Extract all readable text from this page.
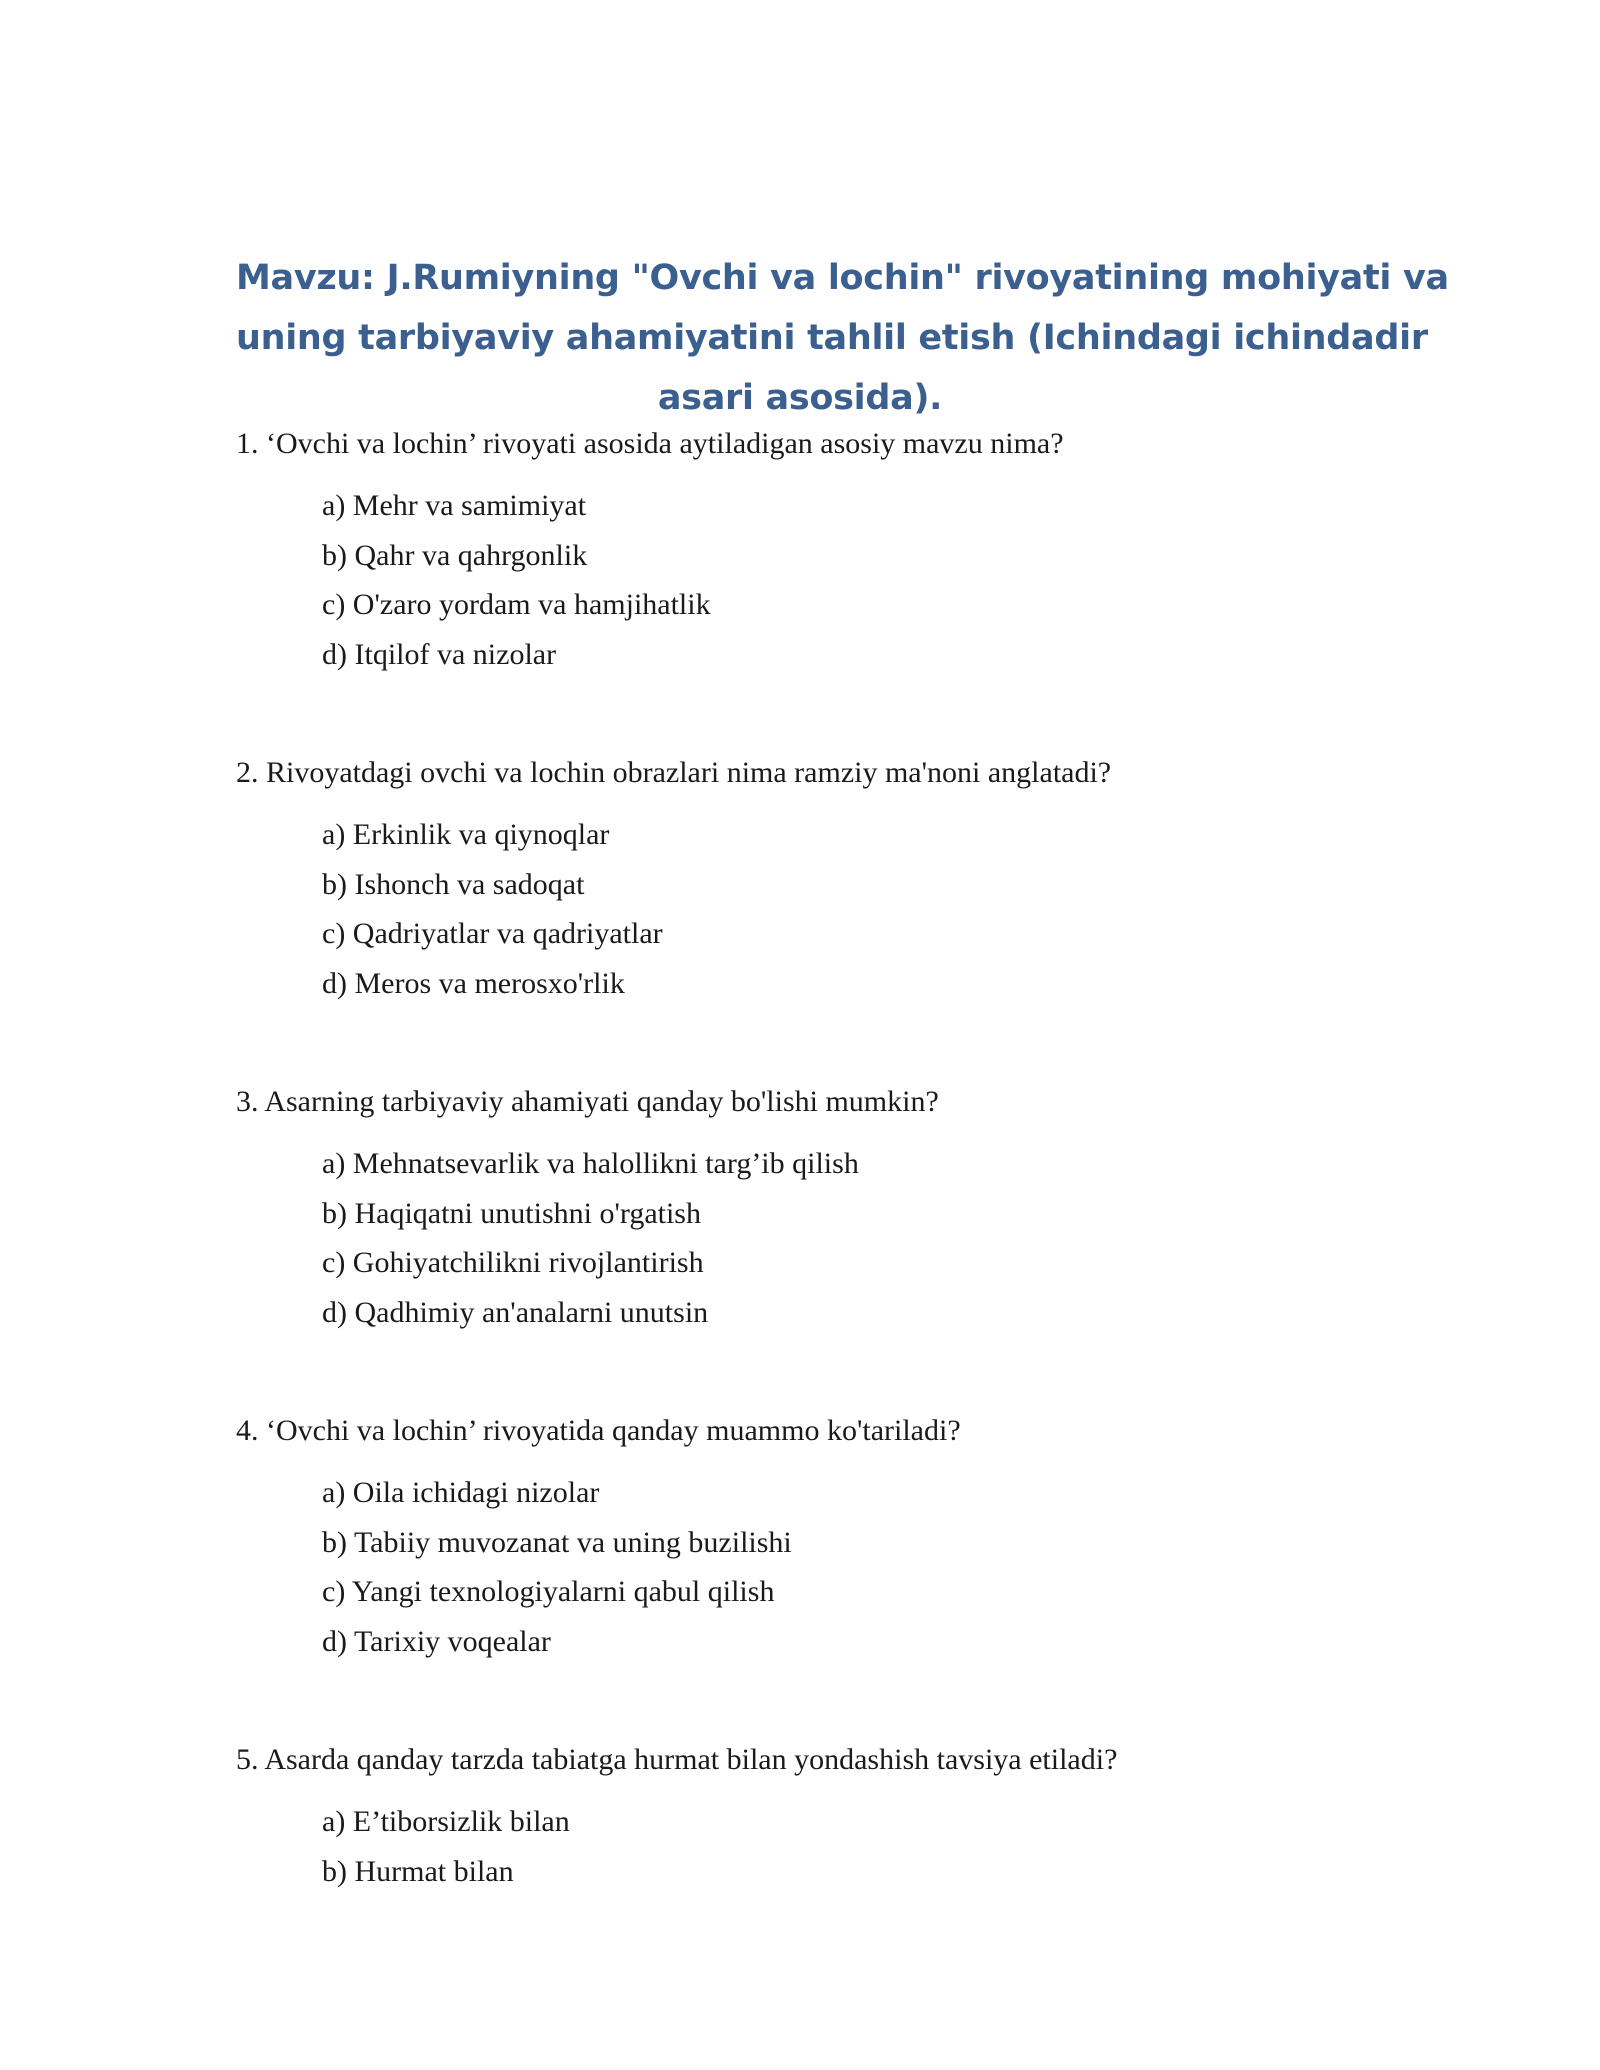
Mavzu: J.Rumiyning "Ovchi va lochin" rivoyatining mohiyati va
uning tarbiyaviy ahamiyatini tahlil etish (Ichindagi ichindadir
asari asosida).
1. ‘Ovchi va lochin’ rivoyati asosida aytiladigan asosiy mavzu nima?
a) Mehr va samimiyat
b) Qahr va qahrgonlik
c) O'zaro yordam va hamjihatlik
d) Itqilof va nizolar
2. Rivoyatdagi ovchi va lochin obrazlari nima ramziy ma'noni anglatadi?
a) Erkinlik va qiynoqlar
b) Ishonch va sadoqat
c) Qadriyatlar va qadriyatlar
d) Meros va merosxo'rlik
3. Asarning tarbiyaviy ahamiyati qanday bo'lishi mumkin?
a) Mehnatsevarlik va halollikni targ’ib qilish
b) Haqiqatni unutishni o'rgatish
c) Gohiyatchilikni rivojlantirish
d) Qadhimiy an'analarni unutsin
4. ‘Ovchi va lochin’ rivoyatida qanday muammo ko'tariladi?
a) Oila ichidagi nizolar
b) Tabiiy muvozanat va uning buzilishi
c) Yangi texnologiyalarni qabul qilish
d) Tarixiy voqealar
5. Asarda qanday tarzda tabiatga hurmat bilan yondashish tavsiya etiladi?
a) E’tiborsizlik bilan
b) Hurmat bilan
